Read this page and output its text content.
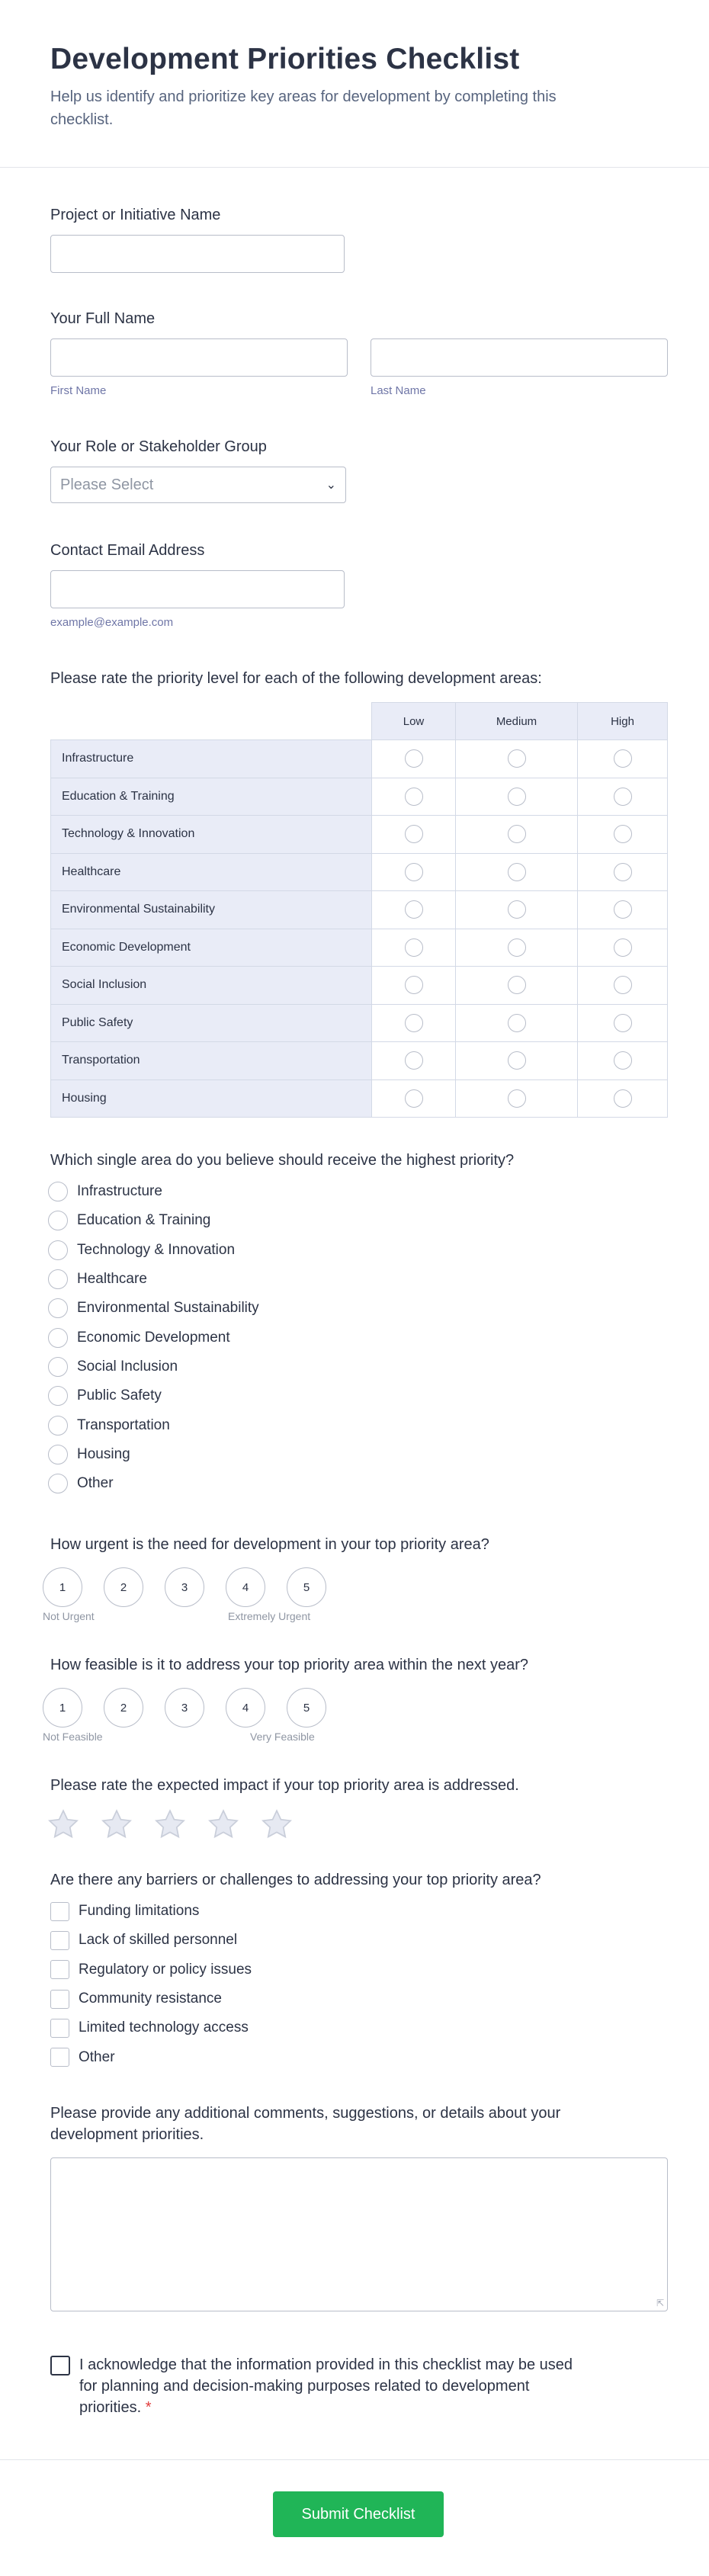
Development Priorities Checklist
Help us identify and prioritize key areas for development by completing this checklist.
Project or Initiative Name
Your Full Name
First Name	Last Name
Your Role or Stakeholder Group
Please Select	⌄
Contact Email Address
example@example.com
Please rate the priority level for each of the following development areas:
	Low	Medium	High
Infrastructure			
Education & Training			
Technology & Innovation			
Healthcare			
Environmental Sustainability			
Economic Development			
Social Inclusion			
Public Safety			
Transportation			
Housing			
Which single area do you believe should receive the highest priority?
Infrastructure
Education & Training
Technology & Innovation
Healthcare
Environmental Sustainability
Economic Development
Social Inclusion
Public Safety
Transportation
Housing
Other
How urgent is the need for development in your top priority area?
1	2	3	4	5
Not Urgent	Extremely Urgent
How feasible is it to address your top priority area within the next year?
1	2	3	4	5
Not Feasible	Very Feasible
Please rate the expected impact if your top priority area is addressed.
Are there any barriers or challenges to addressing your top priority area?
Funding limitations
Lack of skilled personnel
Regulatory or policy issues
Community resistance
Limited technology access
Other
Please provide any additional comments, suggestions, or details about your development priorities.
⇱
I acknowledge that the information provided in this checklist may be used for planning and decision-making purposes related to development priorities. *
Submit Checklist
